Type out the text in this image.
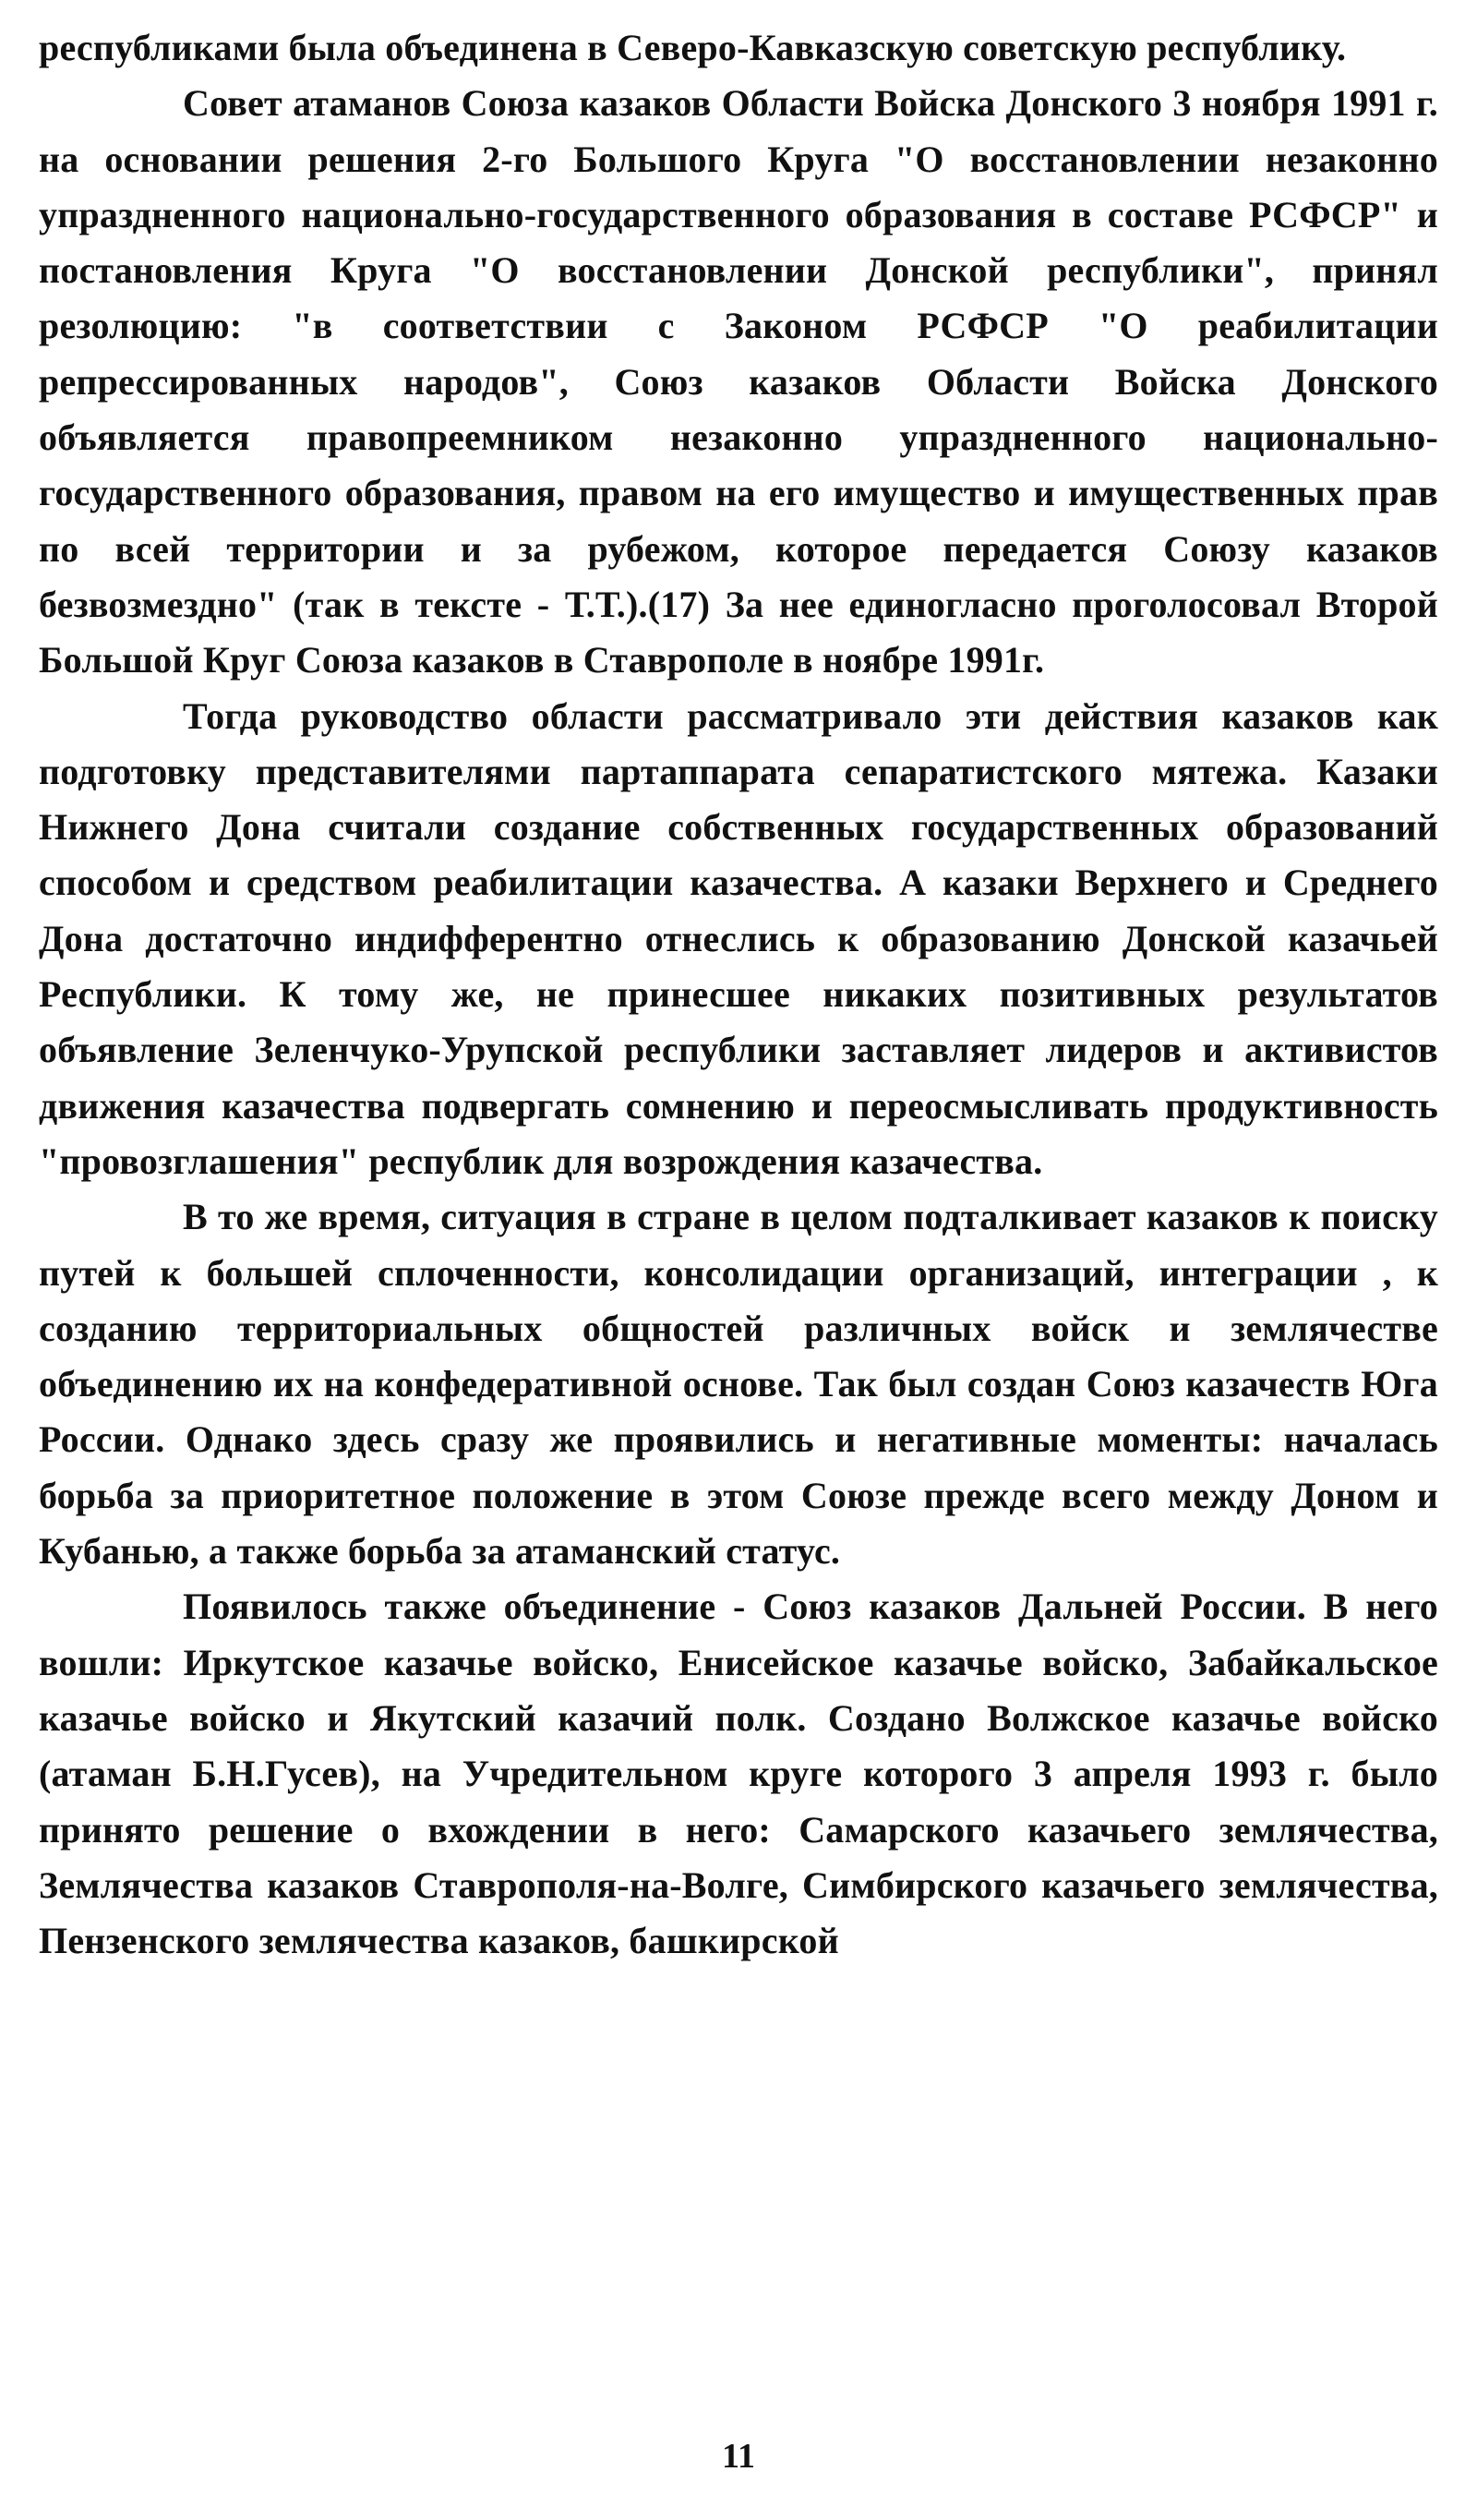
республиками была объединена в Северо-Кавказскую советскую республику.

Совет атаманов Союза казаков Области Войска Донского 3 ноября 1991 г. на основании решения 2-го Большого Круга "О восстановлении незаконно упраздненного национально-государственного образования в составе РСФСР" и постановления Круга "О восстановлении Донской республики", принял резолюцию: "в соответствии с Законом РСФСР "О реабилитации репрессированных народов", Союз казаков Области Войска Донского объявляется правопреемником незаконно упраздненного национально-государственного образования, правом на его имущество и имущественных прав по всей территории и за рубежом, которое передается Союзу казаков безвозмездно" (так в тексте - Т.Т.).(17) За нее единогласно проголосовал Второй Большой Круг Союза казаков в Ставрополе в ноябре 1991г.

Тогда руководство области рассматривало эти действия казаков как подготовку представителями партаппарата сепаратистского мятежа. Казаки Нижнего Дона считали создание собственных государственных образований способом и средством реабилитации казачества. А казаки Верхнего и Среднего Дона достаточно индифферентно отнеслись к образованию Донской казачьей Республики. К тому же, не принесшее никаких позитивных результатов объявление Зеленчуко-Урупской республики заставляет лидеров и активистов движения казачества подвергать сомнению и переосмысливать продуктивность "провозглашения" республик для возрождения казачества.

В то же время, ситуация в стране в целом подталкивает казаков к поиску путей к большей сплоченности, консолидации организаций, интеграции , к созданию территориальных общностей различных войск и землячестве объединению их на конфедеративной основе. Так был создан Союз казачеств Юга России. Однако здесь сразу же проявились и негативные моменты: началась борьба за приоритетное положение в этом Союзе прежде всего между Доном и Кубанью, а также борьба за атаманский статус.

Появилось также объединение - Союз казаков Дальней России. В него вошли: Иркутское казачье войско, Енисейское казачье войско, Забайкальское казачье войско и Якутский казачий полк. Создано Волжское казачье войско (атаман Б.Н.Гусев), на Учредительном круге которого 3 апреля 1993 г. было принято решение о вхождении в него: Самарского казачьего землячества, Землячества казаков Ставрополя-на-Волге, Симбирского казачьего землячества, Пензенского землячества казаков, башкирской

11
